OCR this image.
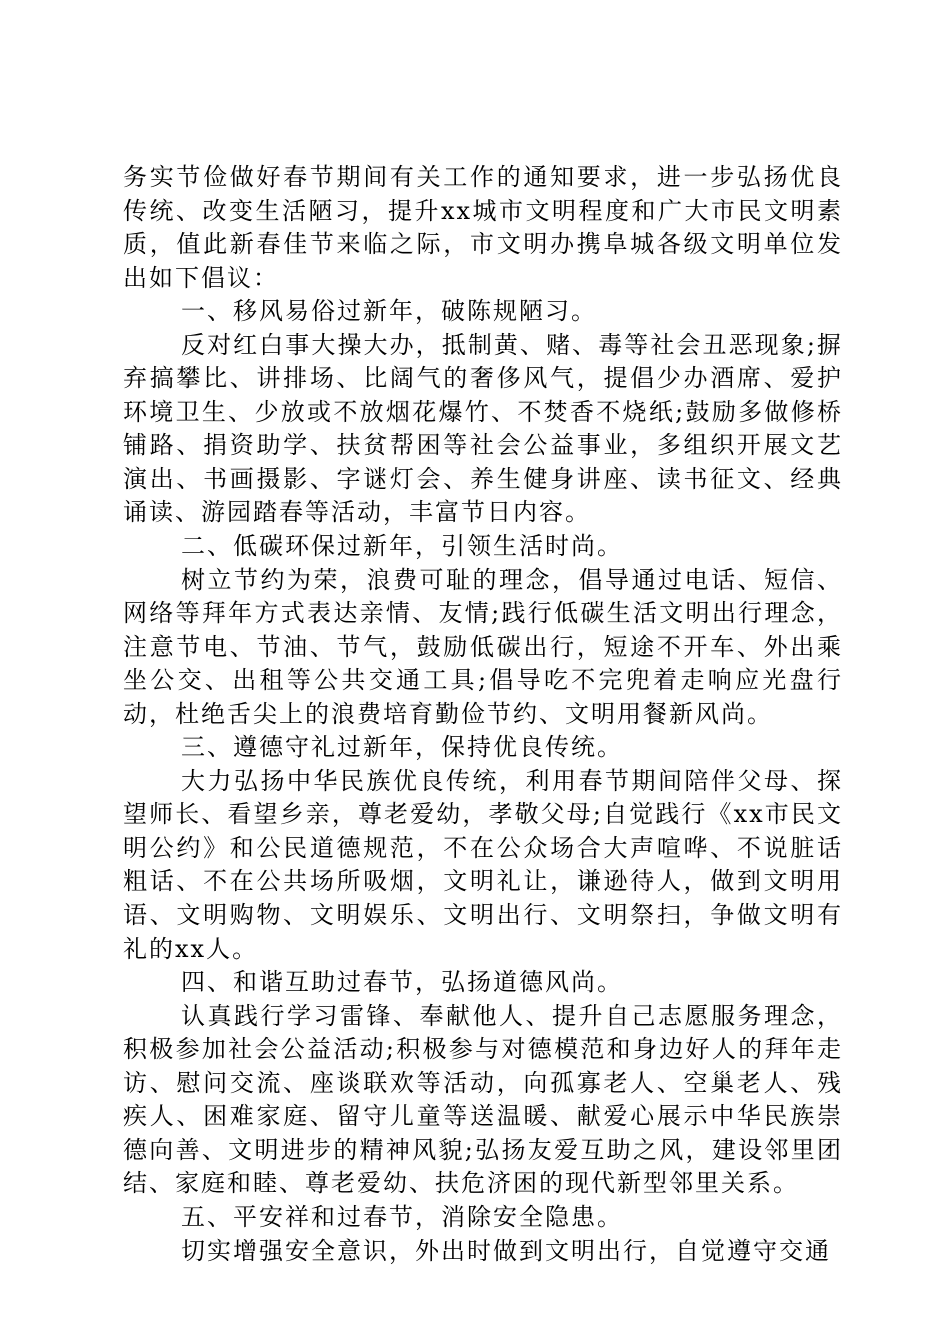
务实节俭做好春节期间有关工作的通知要求，进一步弘扬优良传统、改变生活陋习，提升xx城市文明程度和广大市民文明素质，值此新春佳节来临之际，市文明办携阜城各级文明单位发出如下倡议：

一、移风易俗过新年，破陈规陋习。

反对红白事大操大办，抵制黄、赌、毒等社会丑恶现象;摒弃搞攀比、讲排场、比阔气的奢侈风气，提倡少办酒席、爱护环境卫生、少放或不放烟花爆竹、不焚香不烧纸;鼓励多做修桥铺路、捐资助学、扶贫帮困等社会公益事业，多组织开展文艺演出、书画摄影、字谜灯会、养生健身讲座、读书征文、经典诵读、游园踏春等活动，丰富节日内容。

二、低碳环保过新年，引领生活时尚。

树立节约为荣，浪费可耻的理念，倡导通过电话、短信、网络等拜年方式表达亲情、友情;践行低碳生活文明出行理念，注意节电、节油、节气，鼓励低碳出行，短途不开车、外出乘坐公交、出租等公共交通工具;倡导吃不完兜着走响应光盘行动，杜绝舌尖上的浪费培育勤俭节约、文明用餐新风尚。

三、遵德守礼过新年，保持优良传统。

大力弘扬中华民族优良传统，利用春节期间陪伴父母、探望师长、看望乡亲，尊老爱幼，孝敬父母;自觉践行《xx市民文明公约》和公民道德规范，不在公众场合大声喧哗、不说脏话粗话、不在公共场所吸烟，文明礼让，谦逊待人，做到文明用语、文明购物、文明娱乐、文明出行、文明祭扫，争做文明有礼的xx人。

四、和谐互助过春节，弘扬道德风尚。

认真践行学习雷锋、奉献他人、提升自己志愿服务理念，积极参加社会公益活动;积极参与对德模范和身边好人的拜年走访、慰问交流、座谈联欢等活动，向孤寡老人、空巢老人、残疾人、困难家庭、留守儿童等送温暖、献爱心展示中华民族崇德向善、文明进步的精神风貌;弘扬友爱互助之风，建设邻里团结、家庭和睦、尊老爱幼、扶危济困的现代新型邻里关系。

五、平安祥和过春节，消除安全隐患。

切实增强安全意识，外出时做到文明出行，自觉遵守交通
